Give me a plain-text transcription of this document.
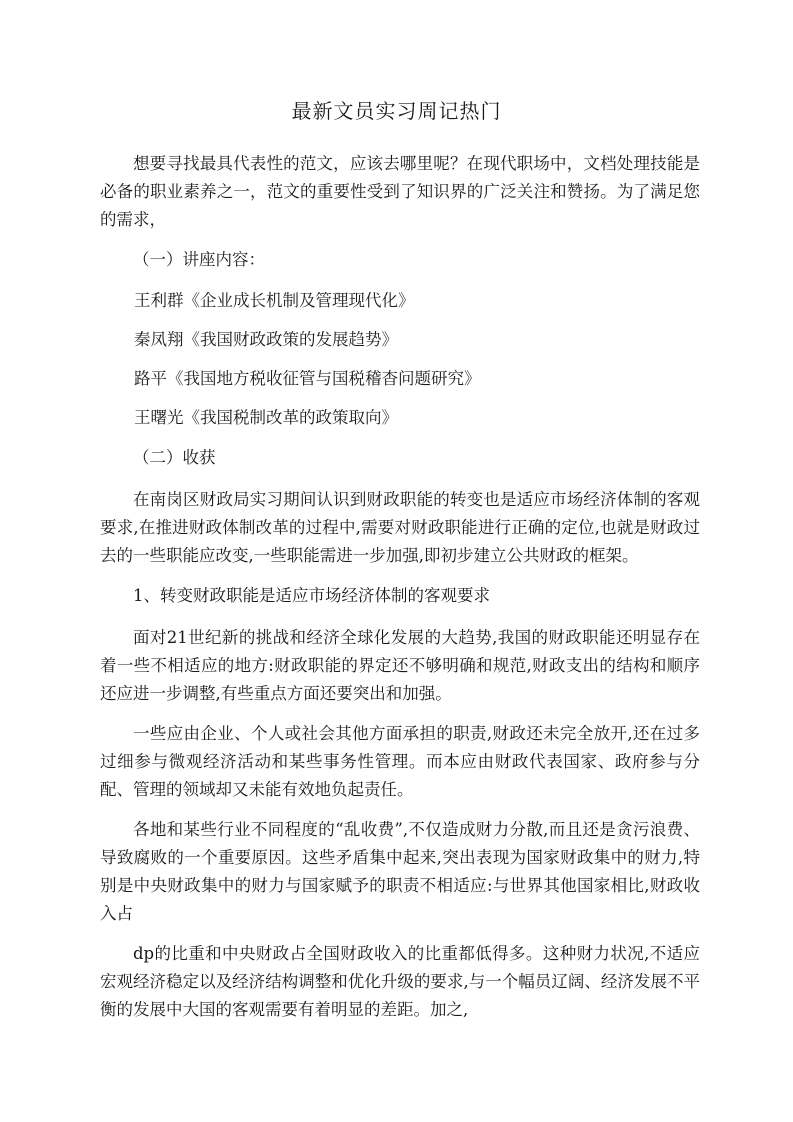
最新文员实习周记热门

想要寻找最具代表性的范文，应该去哪里呢？在现代职场中，文档处理技能是必备的职业素养之一，范文的重要性受到了知识界的广泛关注和赞扬。为了满足您的需求，

（一）讲座内容：

王利群《企业成长机制及管理现代化》
秦凤翔《我国财政政策的发展趋势》
路平《我国地方税收征管与国税稽杳问题研究》
王曙光《我国税制改革的政策取向》

（二）收获

在南岗区财政局实习期间认识到财政职能的转变也是适应市场经济体制的客观要求,在推进财政体制改革的过程中,需要对财政职能进行正确的定位,也就是财政过去的一些职能应改变,一些职能需进一步加强,即初步建立公共财政的框架。

1、转变财政职能是适应市场经济体制的客观要求

面对21世纪新的挑战和经济全球化发展的大趋势,我国的财政职能还明显存在着一些不相适应的地方:财政职能的界定还不够明确和规范,财政支出的结构和顺序还应进一步调整,有些重点方面还要突出和加强。

一些应由企业、个人或社会其他方面承担的职责,财政还未完全放开,还在过多过细参与微观经济活动和某些事务性管理。而本应由财政代表国家、政府参与分配、管理的领域却又未能有效地负起责任。

各地和某些行业不同程度的“乱收费”,不仅造成财力分散,而且还是贪污浪费、导致腐败的一个重要原因。这些矛盾集中起来,突出表现为国家财政集中的财力,特别是中央财政集中的财力与国家赋予的职责不相适应:与世界其他国家相比,财政收入占

dp的比重和中央财政占全国财政收入的比重都低得多。这种财力状况,不适应宏观经济稳定以及经济结构调整和优化升级的要求,与一个幅员辽阔、经济发展不平衡的发展中大国的客观需要有着明显的差距。加之,
